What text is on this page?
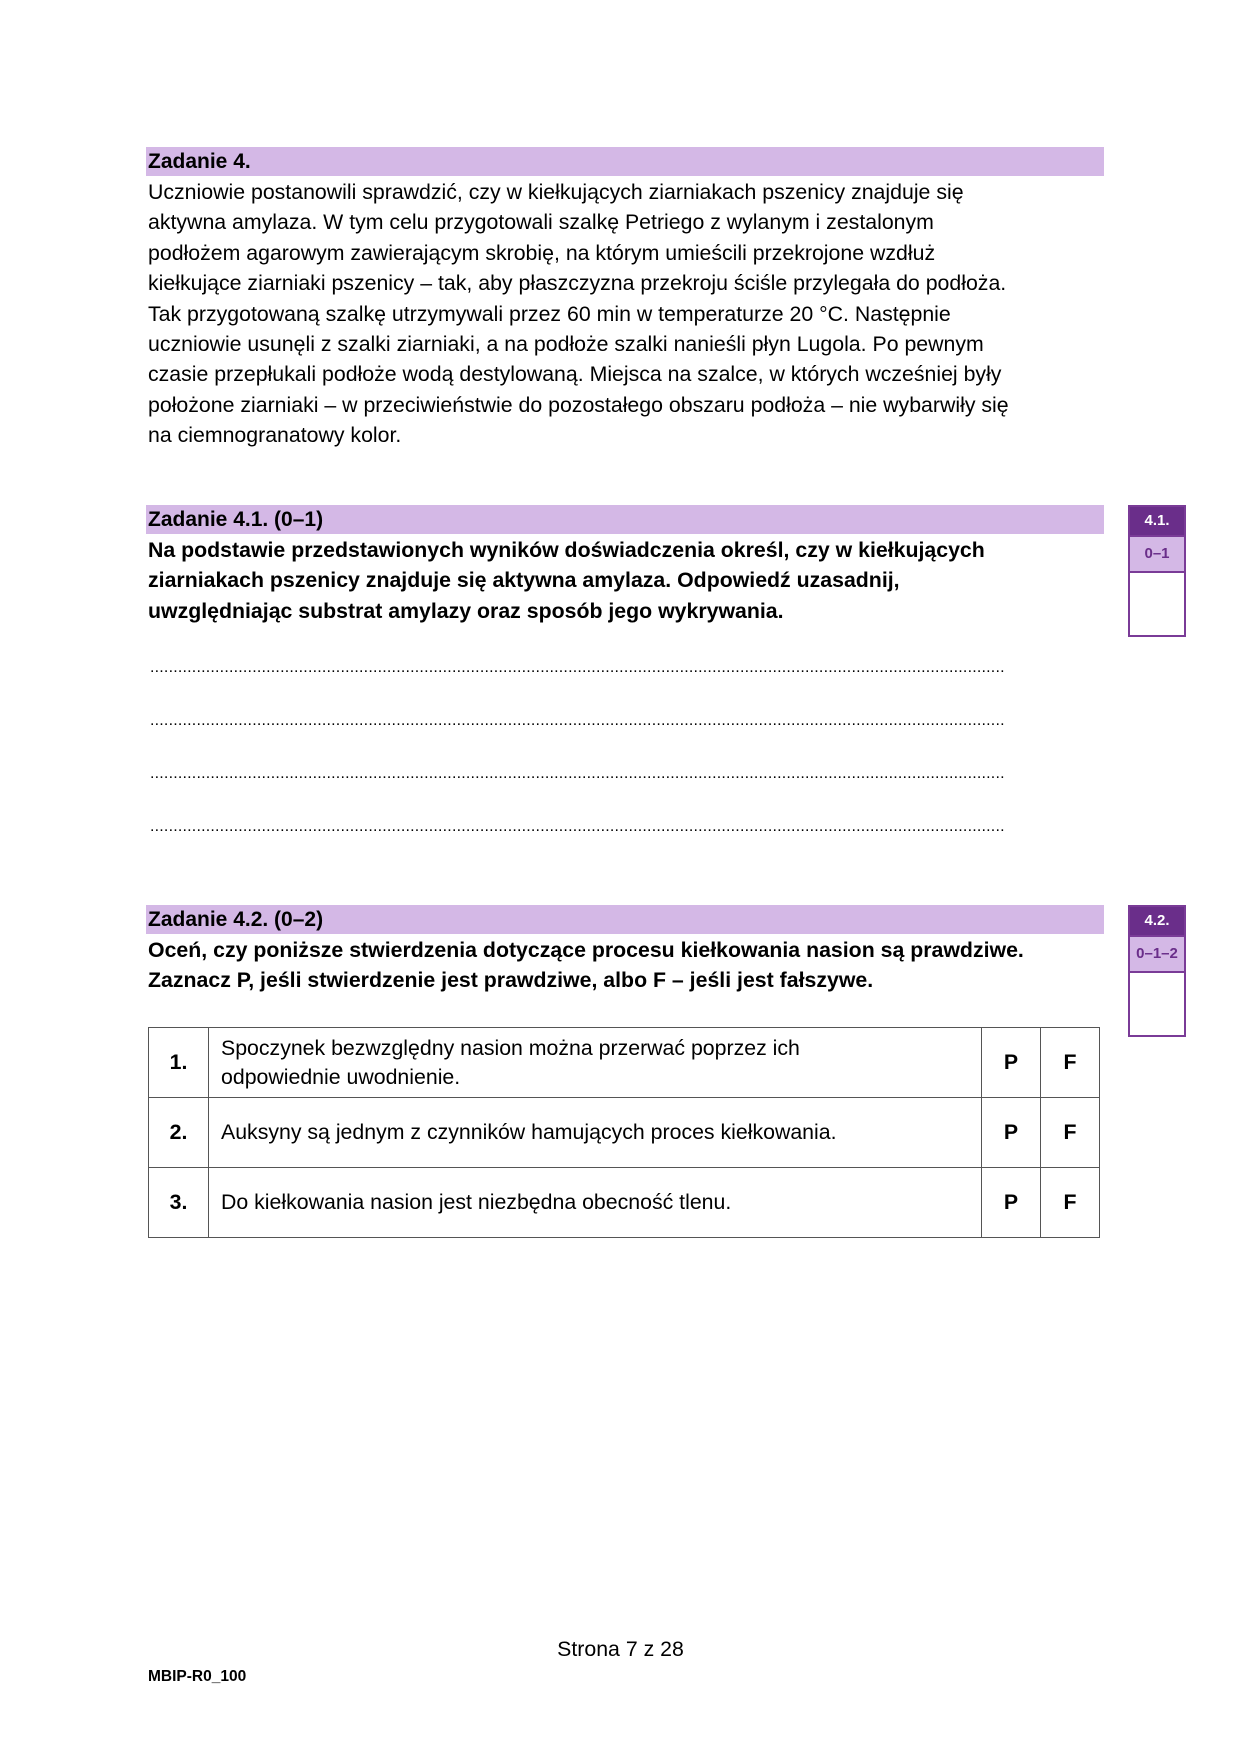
Zadanie 4.
Uczniowie postanowili sprawdzić, czy w kiełkujących ziarniakach pszenicy znajduje się
aktywna amylaza. W tym celu przygotowali szalkę Petriego z wylanym i zestalonym
podłożem agarowym zawierającym skrobię, na którym umieścili przekrojone wzdłuż
kiełkujące ziarniaki pszenicy – tak, aby płaszczyzna przekroju ściśle przylegała do podłoża.
Tak przygotowaną szalkę utrzymywali przez 60 min w temperaturze 20 °C. Następnie
uczniowie usunęli z szalki ziarniaki, a na podłoże szalki nanieśli płyn Lugola. Po pewnym
czasie przepłukali podłoże wodą destylowaną. Miejsca na szalce, w których wcześniej były
położone ziarniaki – w przeciwieństwie do pozostałego obszaru podłoża – nie wybarwiły się
na ciemnogranatowy kolor.
Zadanie 4.1. (0–1)
Na podstawie przedstawionych wyników doświadczenia określ, czy w kiełkujących
ziarniakach pszenicy znajduje się aktywna amylaza. Odpowiedź uzasadnij,
uwzględniając substrat amylazy oraz sposób jego wykrywania.
4.1.
0–1
........................................................................................................................................................................................
........................................................................................................................................................................................
........................................................................................................................................................................................
........................................................................................................................................................................................
Zadanie 4.2. (0–2)
Oceń, czy poniższe stwierdzenia dotyczące procesu kiełkowania nasion są prawdziwe.
Zaznacz P, jeśli stwierdzenie jest prawdziwe, albo F – jeśli jest fałszywe.
4.2.
0–1–2
1.	Spoczynek bezwzględny nasion można przerwać poprzez ich
odpowiednie uwodnienie.	P	F
2.	Auksyny są jednym z czynników hamujących proces kiełkowania.	P	F
3.	Do kiełkowania nasion jest niezbędna obecność tlenu.	P	F
Strona 7 z 28
MBIP-R0_100
